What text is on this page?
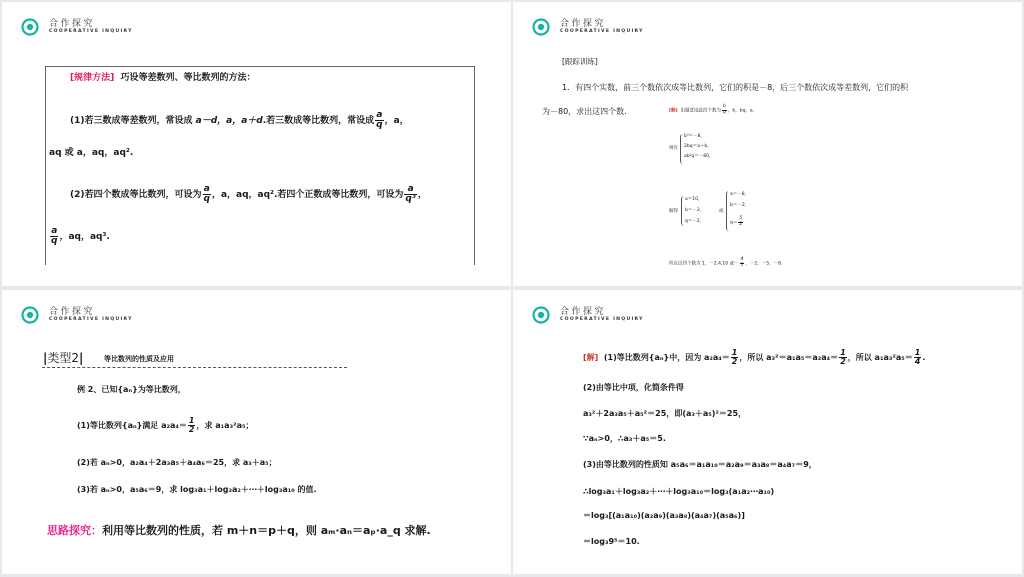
合作探究
COOPERATIVE INQUIRY
[规律方法] 巧设等差数列、等比数列的方法：
(1)若三数成等差数列，常设成 a－d，a，a＋d.若三数成等比数列，常设成 $\frac{a}{q}$ ，a，
aq 或 a，aq，aq².
(2)若四个数成等比数列，可设为 $\frac{a}{q}$ ，a，aq，aq².若四个正数成等比数列，可设为 $\frac{a}{\text{q³}}$ ，
$\frac{a}{q}$ ，aq，aq³.
合作探究
COOPERATIVE INQUIRY
[跟踪训练]
1．有四个实数，前三个数依次成等比数列，它们的积是－8，后三个数依次成等差数列，它们的积
为－80，求出这四个数.	[解] 由题意设此四个数为 $\frac{b}{q}$ ，b，bq，a，
则有
b³＝－8，
2bq＝a＋b，
ab²q＝－80，
解得
a＝10，
b＝－2，
q＝－2，
或
a＝－8，
b＝－2，
$q= \frac{5}{2}$
所以这四个数为 1，－2,4,10 或－ $\frac{4}{5}$ ，－2，－5，－8.
合作探究
COOPERATIVE INQUIRY
|类型2|	等比数列的性质及应用
例 2、已知{aₙ}为等比数列，
(1)等比数列{aₙ}满足 $a_2a_4= \frac{1}{2}$ ，求 a₁a₃²a₅；
(2)若 aₙ>0，a₂a₄＋2a₃a₅＋a₄a₆＝25，求 a₃＋a₅；
(3)若 aₙ>0，a₅a₆＝9，求 log₃a₁＋log₃a₂＋⋯＋log₃a₁₀ 的值.
思路探究：利用等比数列的性质，若 m＋n＝p＋q，则 aₘ·aₙ＝aₚ·a_q 求解.
合作探究
COOPERATIVE INQUIRY
[解] (1)等比数列{aₙ}中，因为 $a_2a_4= \frac{1}{2}$ ，所以 $a_3^2=a_1a_5=a_2a_4= \frac{1}{2}$ ，所以 $a_1a_3^2a_5= \frac{1}{4}$ .
(2)由等比中项，化简条件得
a₃²＋2a₃a₅＋a₅²＝25，即(a₃＋a₅)²＝25，
∵aₙ>0，∴a₃＋a₅＝5.
(3)由等比数列的性质知 a₅a₆＝a₁a₁₀＝a₂a₉＝a₃a₈＝a₄a₇＝9，
∴log₃a₁＋log₃a₂＋⋯＋log₃a₁₀＝log₃(a₁a₂⋯a₁₀)
＝log₃[(a₁a₁₀)(a₂a₉)(a₃a₈)(a₄a₇)(a₅a₆)]
＝log₃9⁵＝10.
